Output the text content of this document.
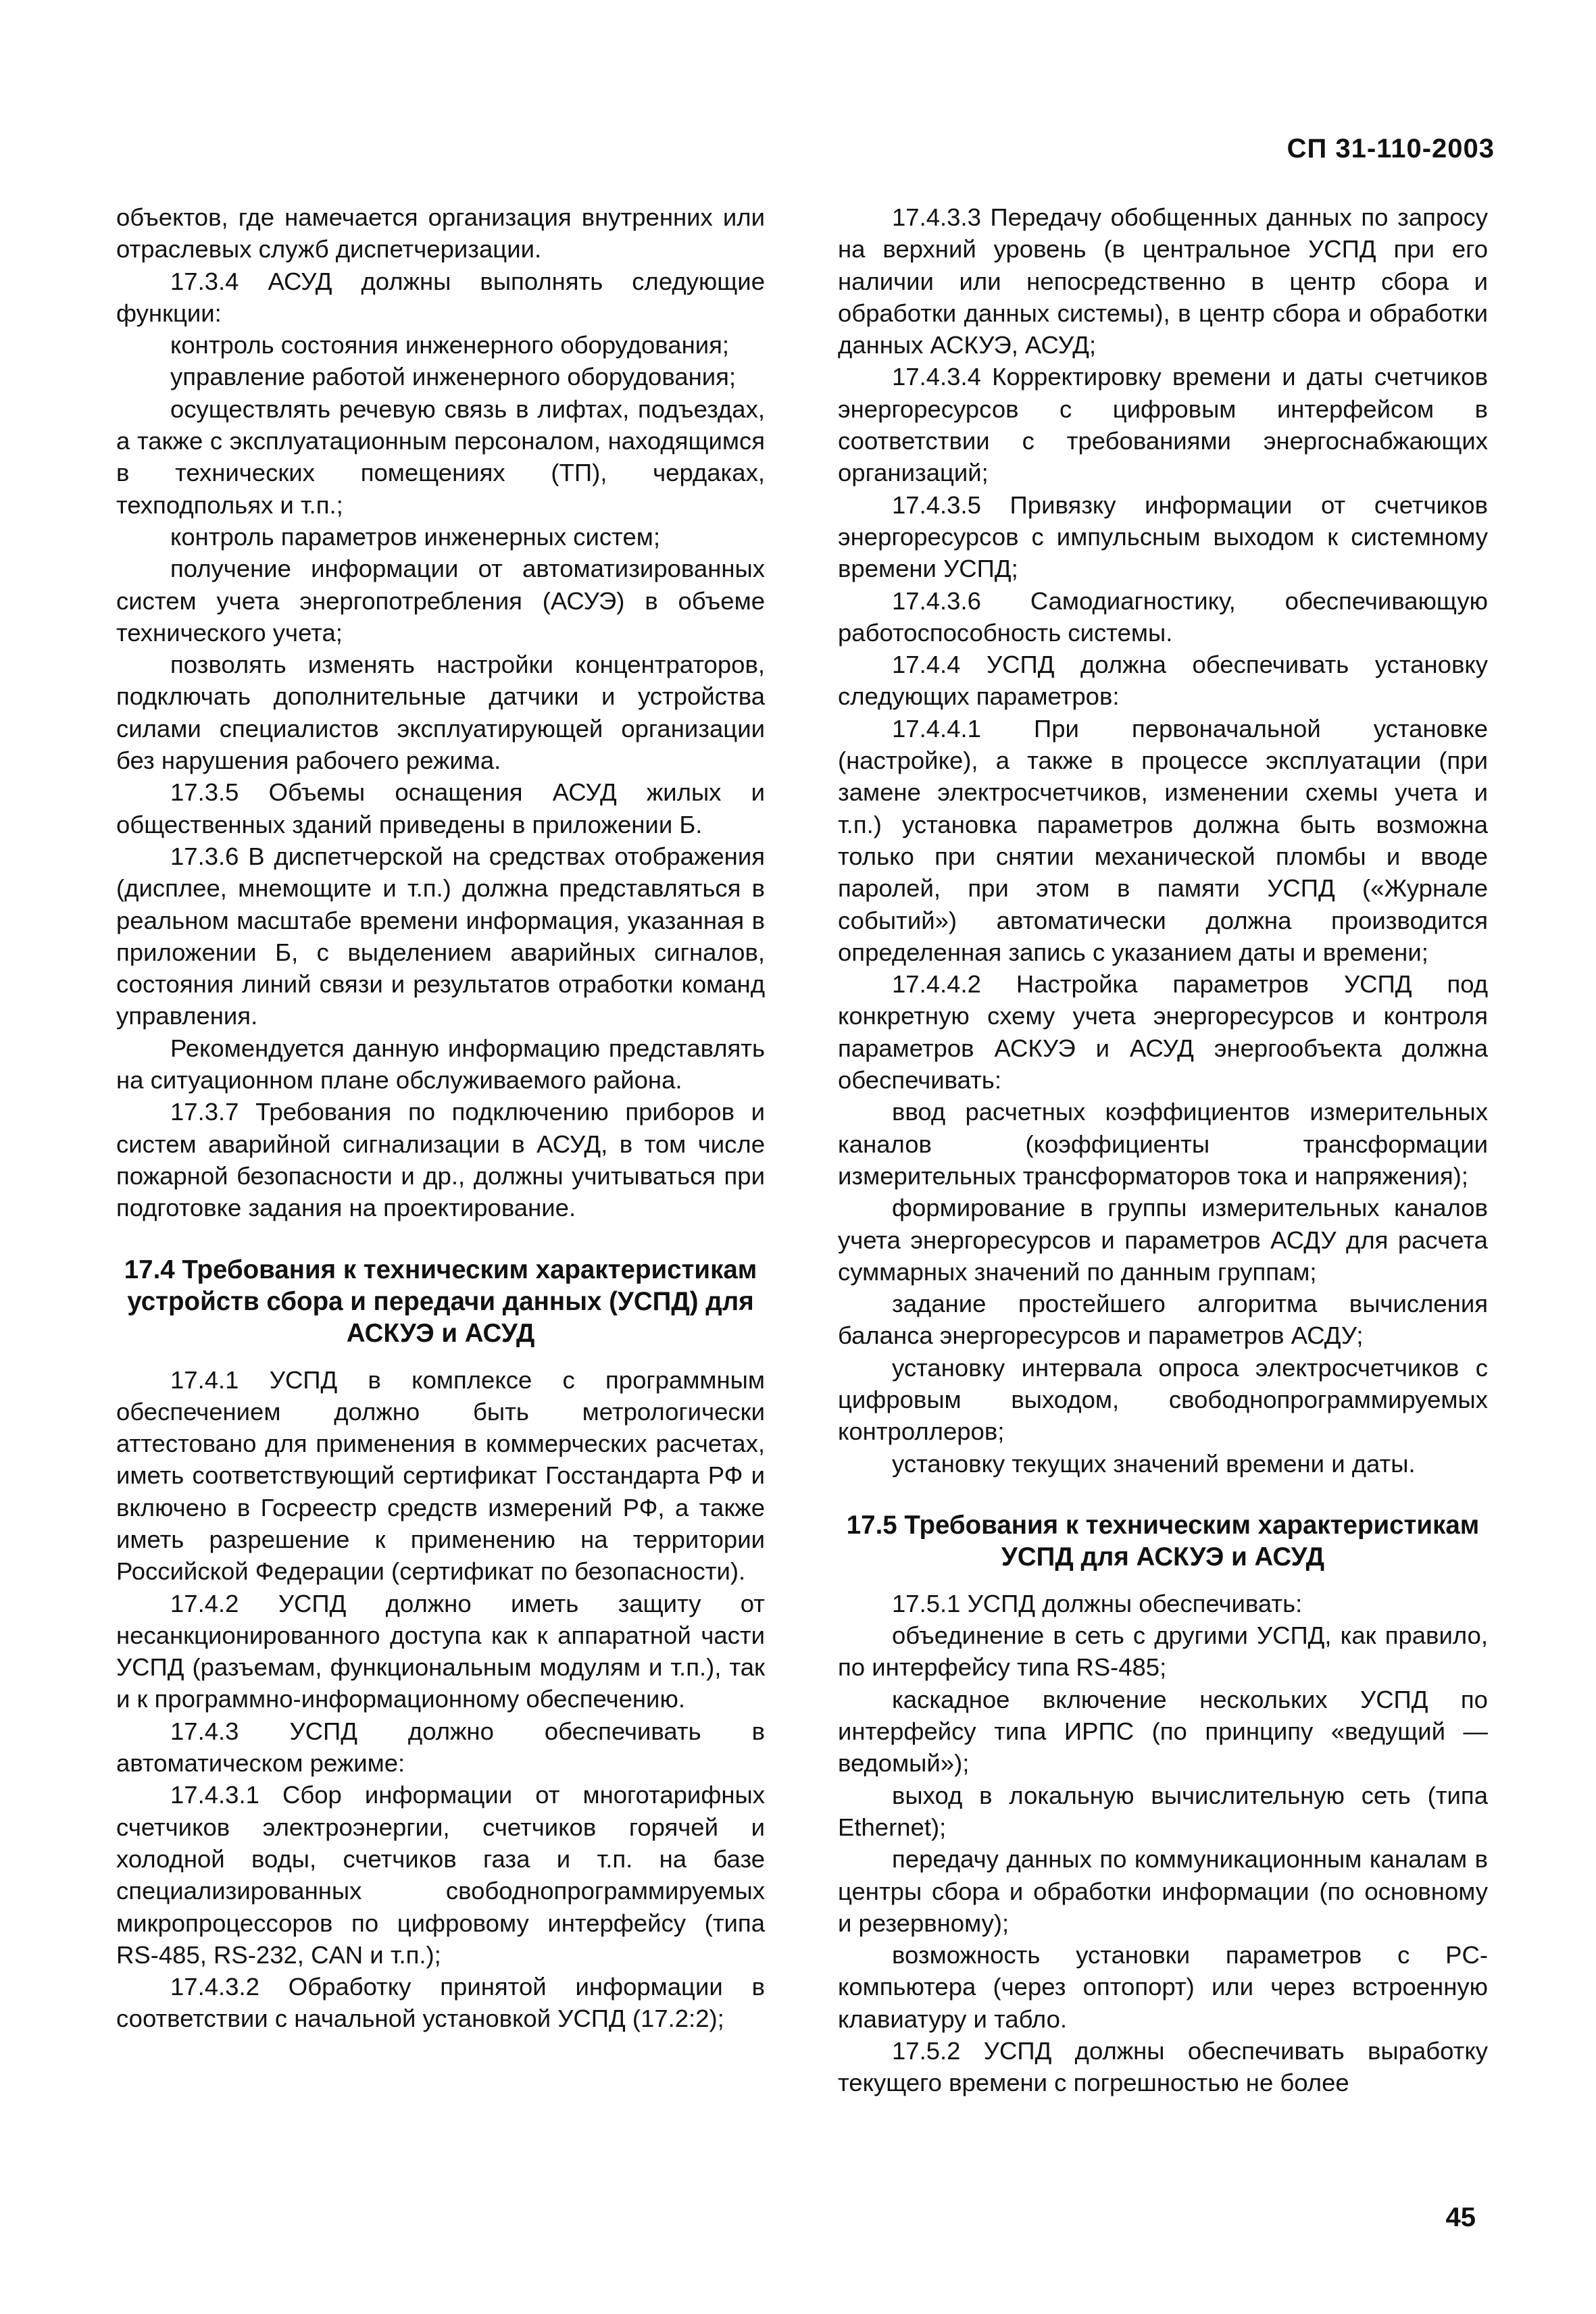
СП 31-110-2003

объектов, где намечается организация внутренних или отраслевых служб диспетчеризации.

17.3.4 АСУД должны выполнять следующие функции:

контроль состояния инженерного оборудования;

управление работой инженерного оборудования;

осуществлять речевую связь в лифтах, подъездах, а также с эксплуатационным персоналом, находящимся в технических помещениях (ТП), чердаках, техподпольях и т.п.;

контроль параметров инженерных систем;

получение информации от автоматизированных систем учета энергопотребления (АСУЭ) в объеме технического учета;

позволять изменять настройки концентраторов, подключать дополнительные датчики и устройства силами специалистов эксплуатирующей организации без нарушения рабочего режима.

17.3.5 Объемы оснащения АСУД жилых и общественных зданий приведены в приложении Б.

17.3.6 В диспетчерской на средствах отображения (дисплее, мнемощите и т.п.) должна представляться в реальном масштабе времени информация, указанная в приложении Б, с выделением аварийных сигналов, состояния линий связи и результатов отработки команд управления.

Рекомендуется данную информацию представлять на ситуационном плане обслуживаемого района.

17.3.7 Требования по подключению приборов и систем аварийной сигнализации в АСУД, в том числе пожарной безопасности и др., должны учитываться при подготовке задания на проектирование.

17.4 Требования к техническим характеристикам устройств сбора и передачи данных (УСПД) для АСКУЭ и АСУД

17.4.1 УСПД в комплексе с программным обеспечением должно быть метрологически аттестовано для применения в коммерческих расчетах, иметь соответствующий сертификат Госстандарта РФ и включено в Госреестр средств измерений РФ, а также иметь разрешение к применению на территории Российской Федерации (сертификат по безопасности).

17.4.2 УСПД должно иметь защиту от несанкционированного доступа как к аппаратной части УСПД (разъемам, функциональным модулям и т.п.), так и к программно-информационному обеспечению.

17.4.3 УСПД должно обеспечивать в автоматическом режиме:

17.4.3.1 Сбор информации от многотарифных счетчиков электроэнергии, счетчиков горячей и холодной воды, счетчиков газа и т.п. на базе специализированных свободнопрограммируемых микропроцессоров по цифровому интерфейсу (типа RS-485, RS-232, CAN и т.п.);

17.4.3.2 Обработку принятой информации в соответствии с начальной установкой УСПД (17.2:2);

17.4.3.3 Передачу обобщенных данных по запросу на верхний уровень (в центральное УСПД при его наличии или непосредственно в центр сбора и обработки данных системы), в центр сбора и обработки данных АСКУЭ, АСУД;

17.4.3.4 Корректировку времени и даты счетчиков энергоресурсов с цифровым интерфейсом в соответствии с требованиями энергоснабжающих организаций;

17.4.3.5 Привязку информации от счетчиков энергоресурсов с импульсным выходом к системному времени УСПД;

17.4.3.6 Самодиагностику, обеспечивающую работоспособность системы.

17.4.4 УСПД должна обеспечивать установку следующих параметров:

17.4.4.1 При первоначальной установке (настройке), а также в процессе эксплуатации (при замене электросчетчиков, изменении схемы учета и т.п.) установка параметров должна быть возможна только при снятии механической пломбы и вводе паролей, при этом в памяти УСПД («Журнале событий») автоматически должна производится определенная запись с указанием даты и времени;

17.4.4.2 Настройка параметров УСПД под конкретную схему учета энергоресурсов и контроля параметров АСКУЭ и АСУД энергообъекта должна обеспечивать:

ввод расчетных коэффициентов измерительных каналов (коэффициенты трансформации измерительных трансформаторов тока и напряжения);

формирование в группы измерительных каналов учета энергоресурсов и параметров АСДУ для расчета суммарных значений по данным группам;

задание простейшего алгоритма вычисления баланса энергоресурсов и параметров АСДУ;

установку интервала опроса электросчетчиков с цифровым выходом, свободнопрограммируемых контроллеров;

установку текущих значений времени и даты.

17.5 Требования к техническим характеристикам УСПД для АСКУЭ и АСУД

17.5.1 УСПД должны обеспечивать:

объединение в сеть с другими УСПД, как правило, по интерфейсу типа RS-485;

каскадное включение нескольких УСПД по интерфейсу типа ИРПС (по принципу «ведущий — ведомый»);

выход в локальную вычислительную сеть (типа Ethernet);

передачу данных по коммуникационным каналам в центры сбора и обработки информации (по основному и резервному);

возможность установки параметров с PC-компьютера (через оптопорт) или через встроенную клавиатуру и табло.

17.5.2 УСПД должны обеспечивать выработку текущего времени с погрешностью не более

45
